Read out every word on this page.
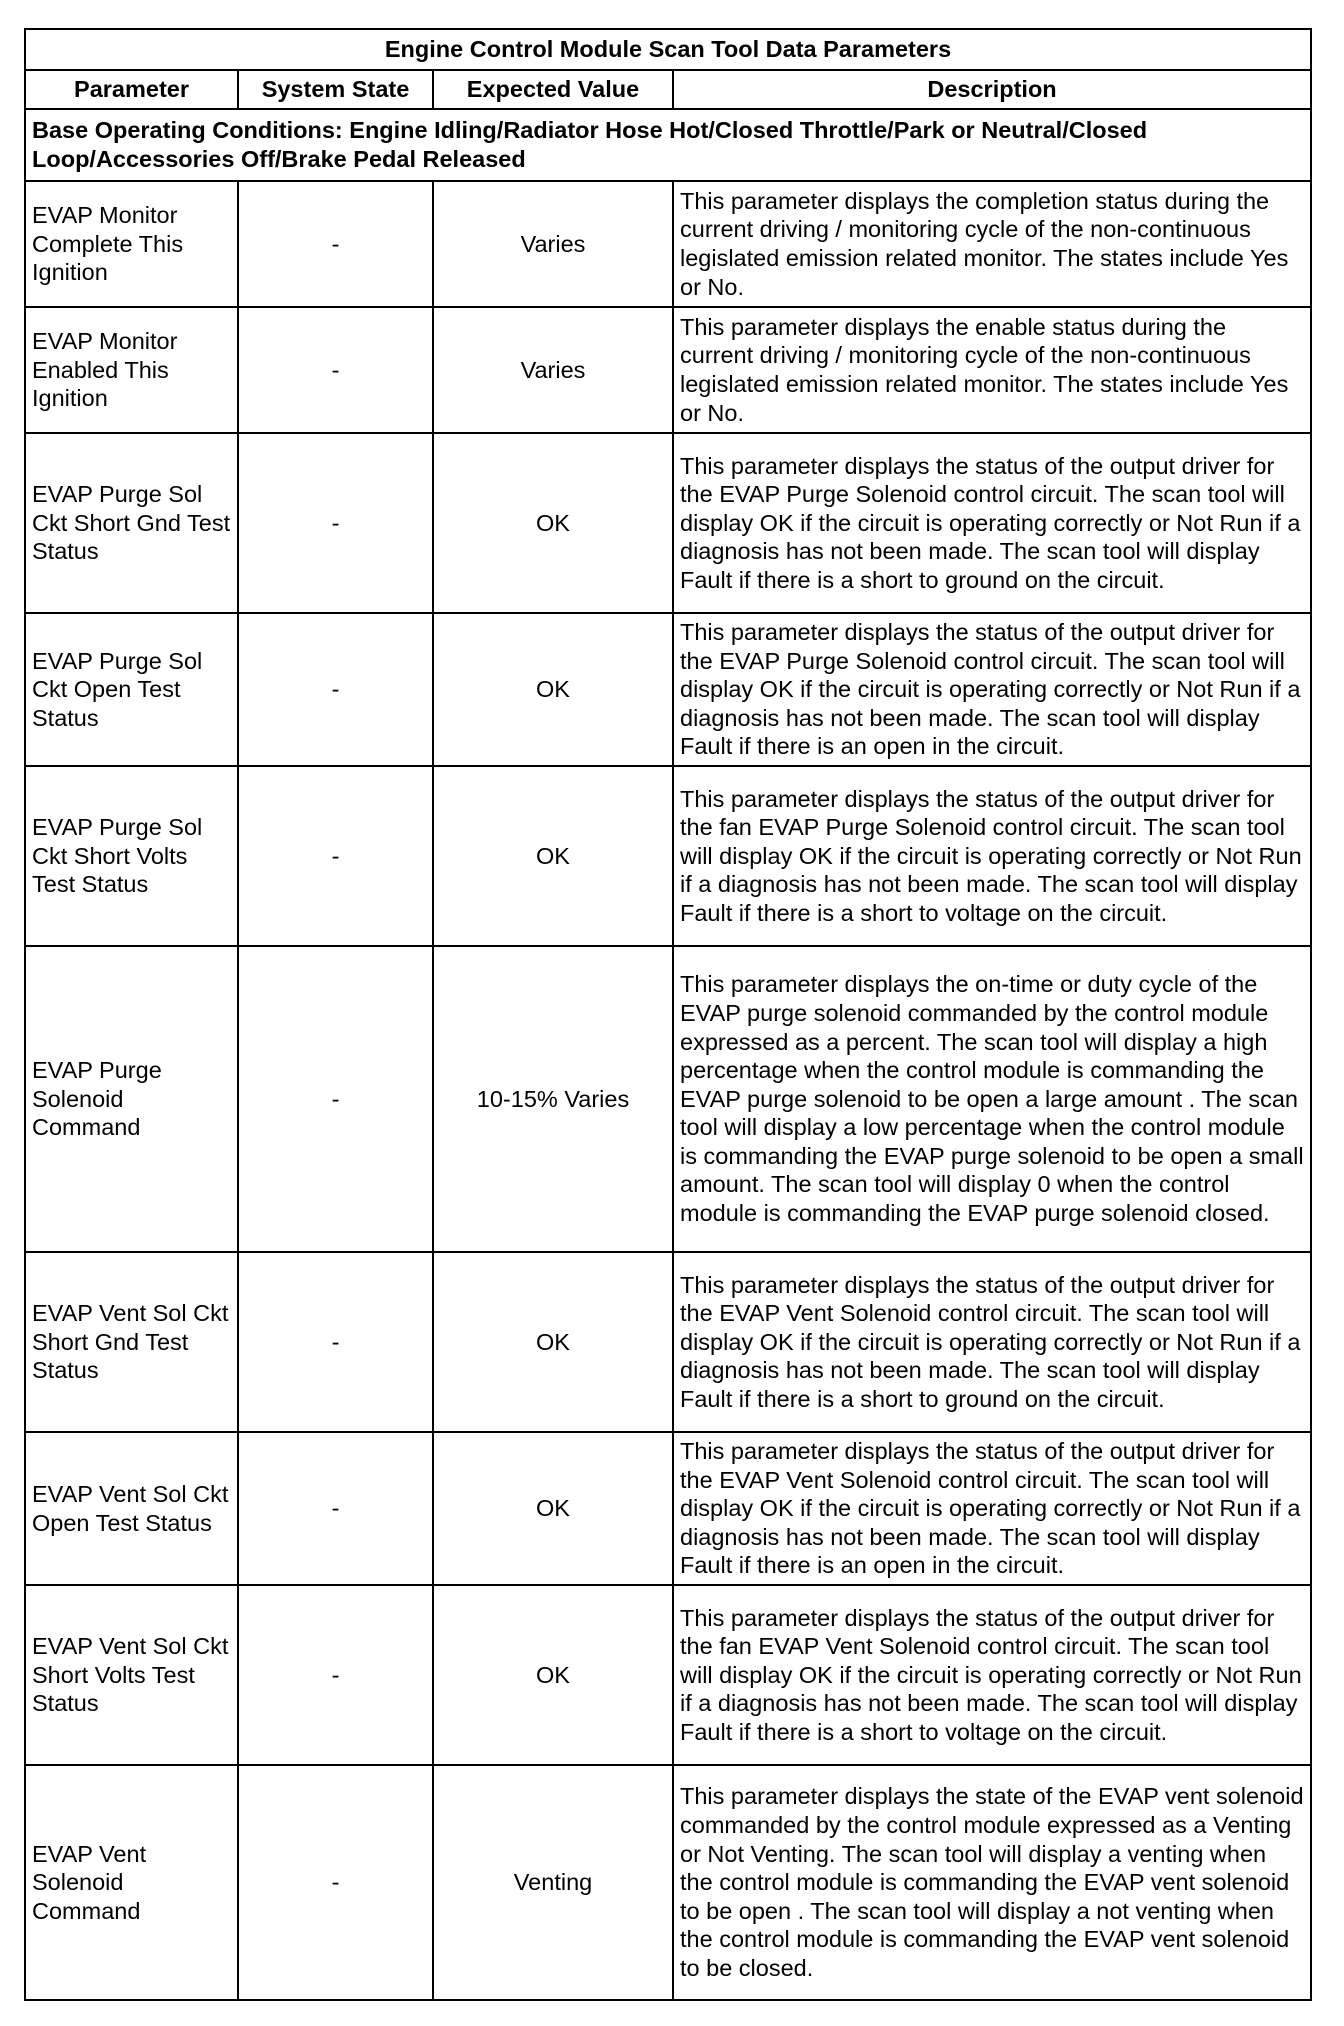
Engine Control Module Scan Tool Data Parameters			
Parameter	System State	Expected Value	Description
Base Operating Conditions: Engine Idling/Radiator Hose Hot/Closed Throttle/Park or Neutral/Closed Loop/Accessories Off/Brake Pedal Released			
EVAP Monitor Complete This Ignition	-	Varies	This parameter displays the completion status during the current driving / monitoring cycle of the non-continuous legislated emission related monitor. The states include Yes or No.
EVAP Monitor Enabled This Ignition	-	Varies	This parameter displays the enable status during the current driving / monitoring cycle of the non-continuous legislated emission related monitor. The states include Yes or No.
EVAP Purge Sol Ckt Short Gnd Test Status	-	OK	This parameter displays the status of the output driver for the EVAP Purge Solenoid control circuit. The scan tool will display OK if the circuit is operating correctly or Not Run if a diagnosis has not been made. The scan tool will display Fault if there is a short to ground on the circuit.
EVAP Purge Sol Ckt Open Test Status	-	OK	This parameter displays the status of the output driver for the EVAP Purge Solenoid control circuit. The scan tool will display OK if the circuit is operating correctly or Not Run if a diagnosis has not been made. The scan tool will display Fault if there is an open in the circuit.
EVAP Purge Sol Ckt Short Volts Test Status	-	OK	This parameter displays the status of the output driver for the fan EVAP Purge Solenoid control circuit. The scan tool will display OK if the circuit is operating correctly or Not Run if a diagnosis has not been made. The scan tool will display Fault if there is a short to voltage on the circuit.
EVAP Purge Solenoid Command	-	10-15% Varies	This parameter displays the on-time or duty cycle of the EVAP purge solenoid commanded by the control module expressed as a percent. The scan tool will display a high percentage when the control module is commanding the EVAP purge solenoid to be open a large amount . The scan tool will display a low percentage when the control module is commanding the EVAP purge solenoid to be open a small amount. The scan tool will display 0 when the control module is commanding the EVAP purge solenoid closed.
EVAP Vent Sol Ckt Short Gnd Test Status	-	OK	This parameter displays the status of the output driver for the EVAP Vent Solenoid control circuit. The scan tool will display OK if the circuit is operating correctly or Not Run if a diagnosis has not been made. The scan tool will display Fault if there is a short to ground on the circuit.
EVAP Vent Sol Ckt Open Test Status	-	OK	This parameter displays the status of the output driver for the EVAP Vent Solenoid control circuit. The scan tool will display OK if the circuit is operating correctly or Not Run if a diagnosis has not been made. The scan tool will display Fault if there is an open in the circuit.
EVAP Vent Sol Ckt Short Volts Test Status	-	OK	This parameter displays the status of the output driver for the fan EVAP Vent Solenoid control circuit. The scan tool will display OK if the circuit is operating correctly or Not Run if a diagnosis has not been made. The scan tool will display Fault if there is a short to voltage on the circuit.
EVAP Vent Solenoid Command	-	Venting	This parameter displays the state of the EVAP vent solenoid commanded by the control module expressed as a Venting or Not Venting. The scan tool will display a venting when the control module is commanding the EVAP vent solenoid to be open . The scan tool will display a not venting when the control module is commanding the EVAP vent solenoid to be closed.
